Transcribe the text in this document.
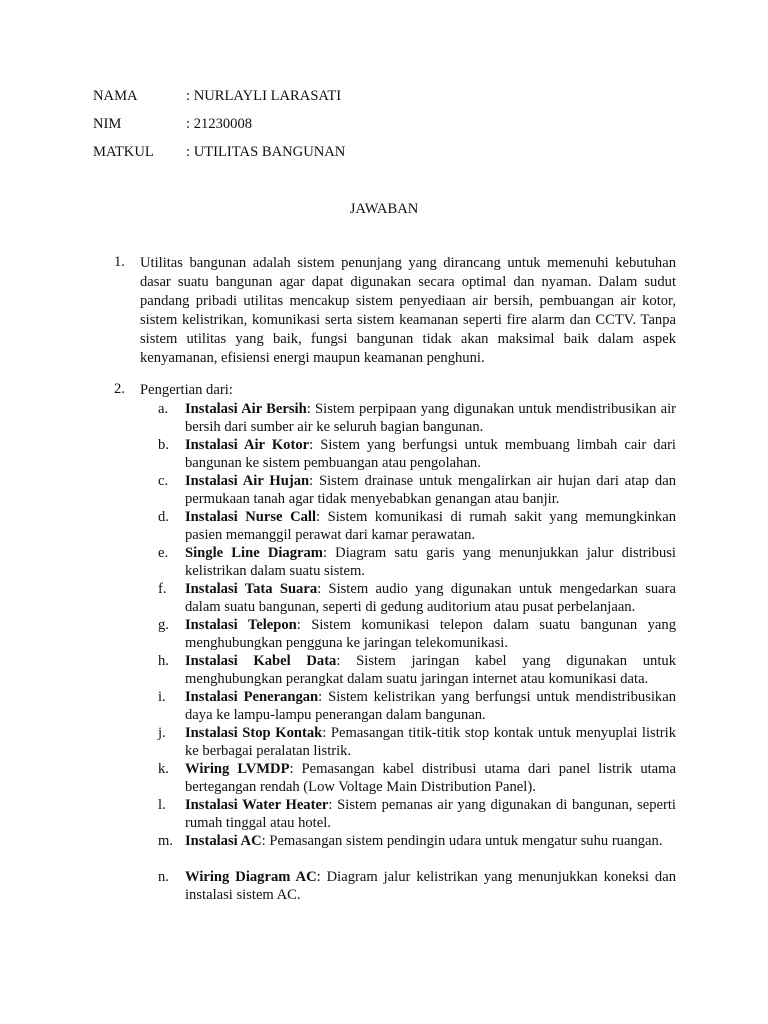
NAMA	: NURLAYLI LARASATI
NIM	: 21230008
MATKUL : UTILITAS BANGUNAN
JAWABAN
1.	Utilitas bangunan adalah sistem penunjang yang dirancang untuk memenuhi kebutuhan dasar suatu bangunan agar dapat digunakan secara optimal dan nyaman. Dalam sudut pandang pribadi utilitas mencakup sistem penyediaan air bersih, pembuangan air kotor, sistem kelistrikan, komunikasi serta sistem keamanan seperti fire alarm dan CCTV. Tanpa sistem utilitas yang baik, fungsi bangunan tidak akan maksimal baik dalam aspek kenyamanan, efisiensi energi maupun keamanan penghuni.
2.	Pengertian dari:
a.	Instalasi Air Bersih: Sistem perpipaan yang digunakan untuk mendistribusikan air bersih dari sumber air ke seluruh bagian bangunan.
b.	Instalasi Air Kotor: Sistem yang berfungsi untuk membuang limbah cair dari bangunan ke sistem pembuangan atau pengolahan.
c.	Instalasi Air Hujan: Sistem drainase untuk mengalirkan air hujan dari atap dan permukaan tanah agar tidak menyebabkan genangan atau banjir.
d.	Instalasi Nurse Call: Sistem komunikasi di rumah sakit yang memungkinkan pasien memanggil perawat dari kamar perawatan.
e.	Single Line Diagram: Diagram satu garis yang menunjukkan jalur distribusi kelistrikan dalam suatu sistem.
f.	Instalasi Tata Suara: Sistem audio yang digunakan untuk mengedarkan suara dalam suatu bangunan, seperti di gedung auditorium atau pusat perbelanjaan.
g.	Instalasi Telepon: Sistem komunikasi telepon dalam suatu bangunan yang menghubungkan pengguna ke jaringan telekomunikasi.
h.	Instalasi Kabel Data: Sistem jaringan kabel yang digunakan untuk menghubungkan perangkat dalam suatu jaringan internet atau komunikasi data.
i.	Instalasi Penerangan: Sistem kelistrikan yang berfungsi untuk mendistribusikan daya ke lampu-lampu penerangan dalam bangunan.
j.	Instalasi Stop Kontak: Pemasangan titik-titik stop kontak untuk menyuplai listrik ke berbagai peralatan listrik.
k.	Wiring LVMDP: Pemasangan kabel distribusi utama dari panel listrik utama bertegangan rendah (Low Voltage Main Distribution Panel).
l.	Instalasi Water Heater: Sistem pemanas air yang digunakan di bangunan, seperti rumah tinggal atau hotel.
m. Instalasi AC: Pemasangan sistem pendingin udara untuk mengatur suhu ruangan.
n.	Wiring Diagram AC: Diagram jalur kelistrikan yang menunjukkan koneksi dan instalasi sistem AC.
